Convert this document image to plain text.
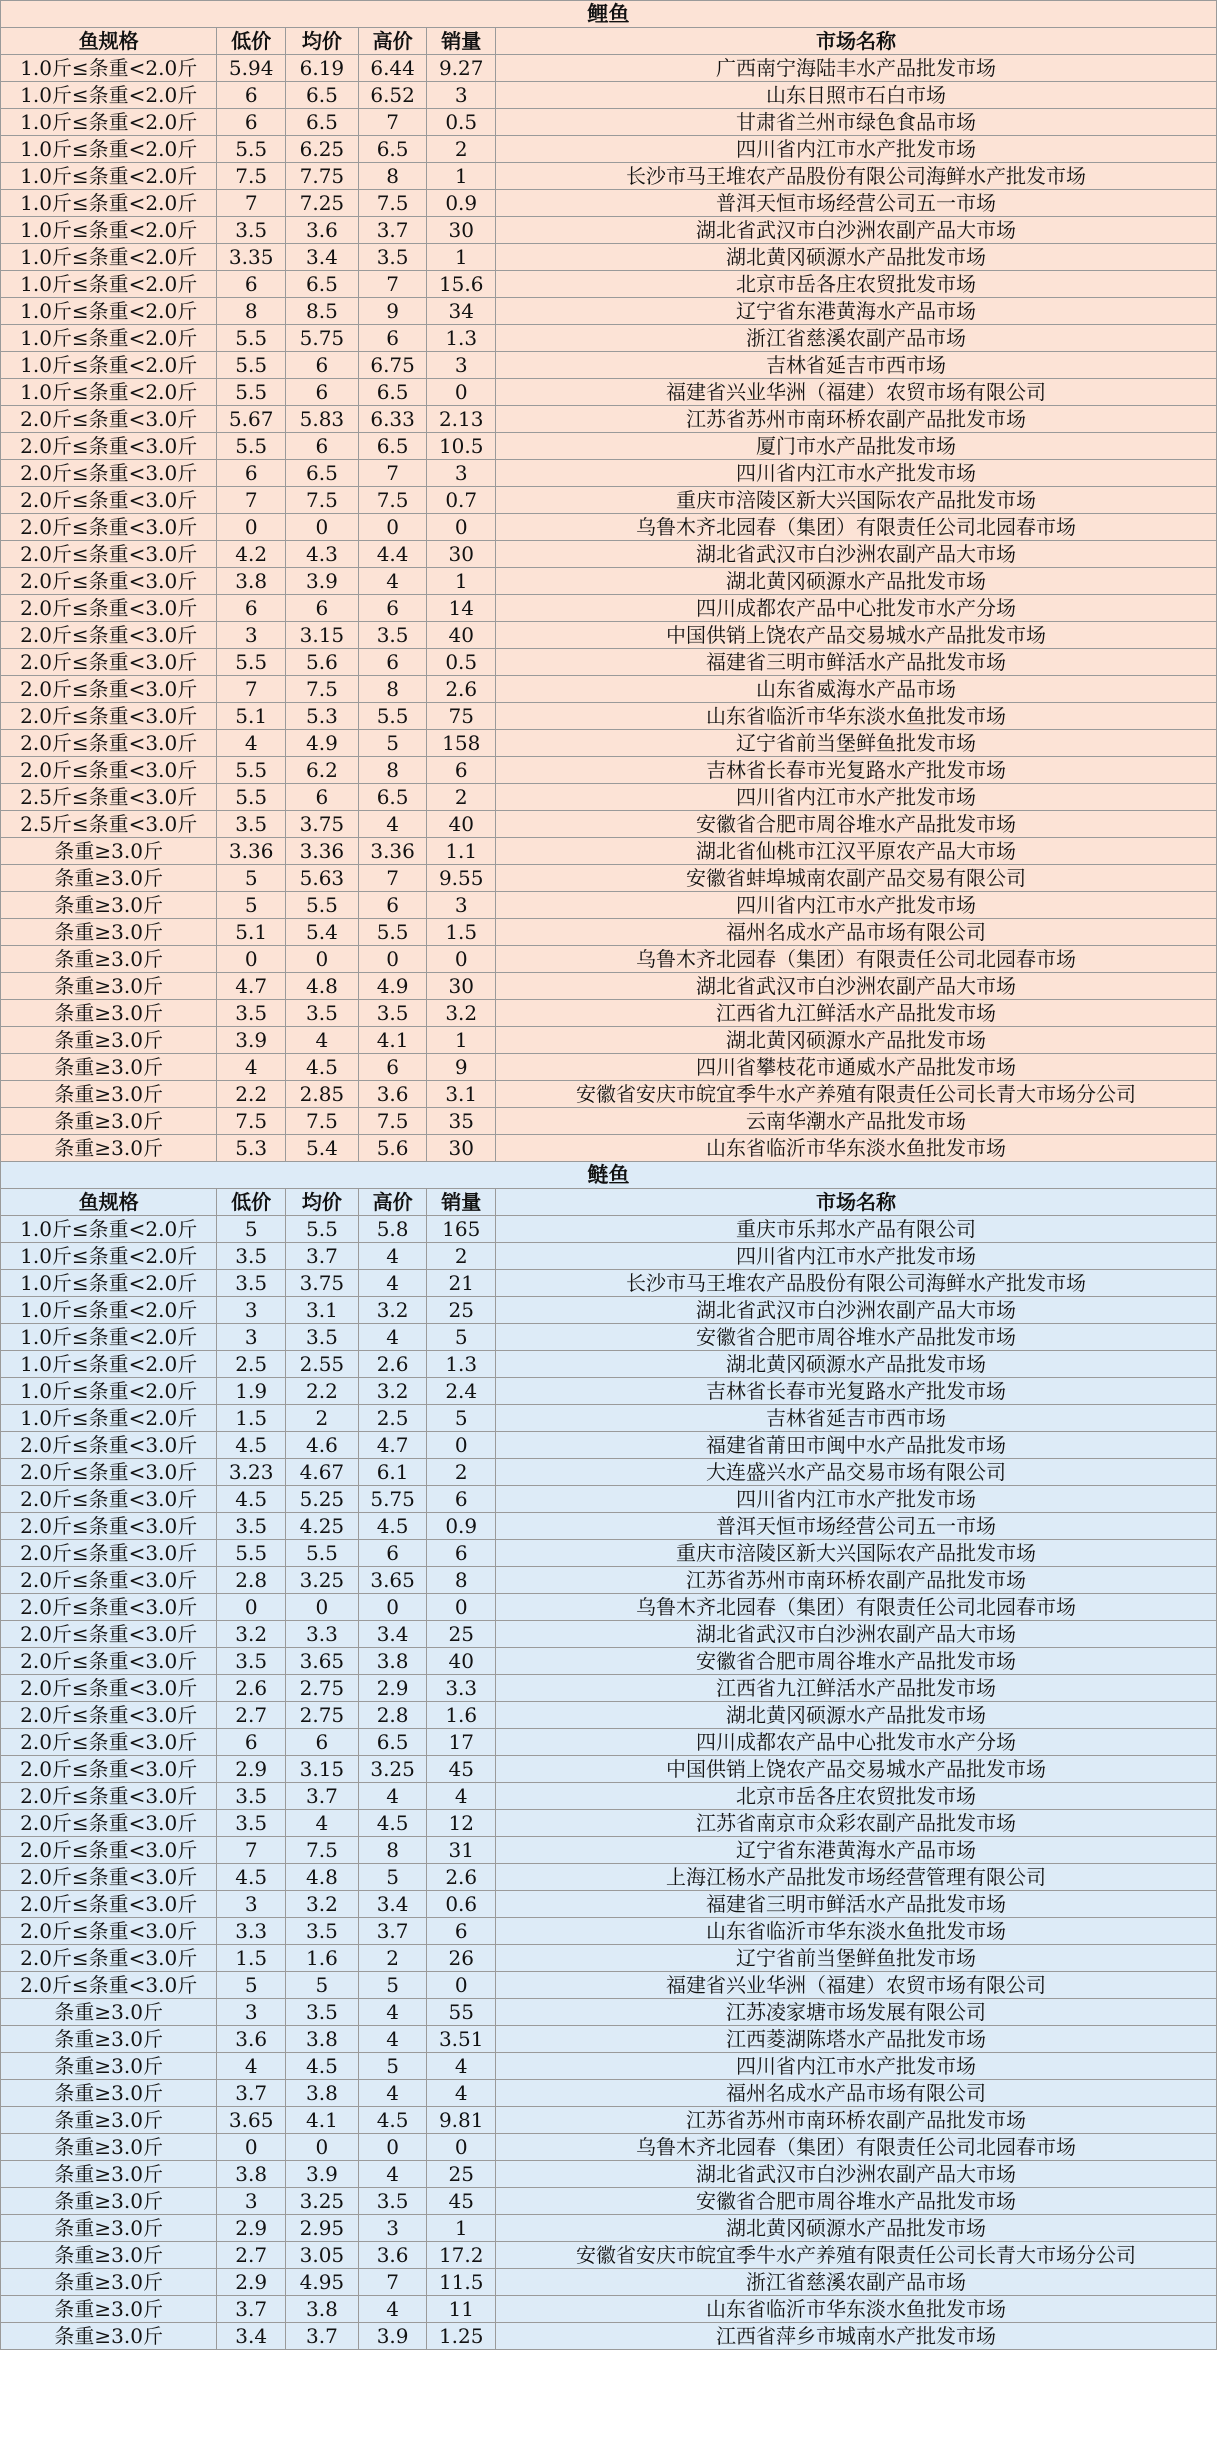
鲤鱼					
鱼规格	低价	均价	高价	销量	市场名称
1.0斤≤条重<2.0斤	5.94	6.19	6.44	9.27	广西南宁海陆丰水产品批发市场
1.0斤≤条重<2.0斤	6	6.5	6.52	3	山东日照市石白市场
1.0斤≤条重<2.0斤	6	6.5	7	0.5	甘肃省兰州市绿色食品市场
1.0斤≤条重<2.0斤	5.5	6.25	6.5	2	四川省内江市水产批发市场
1.0斤≤条重<2.0斤	7.5	7.75	8	1	长沙市马王堆农产品股份有限公司海鲜水产批发市场
1.0斤≤条重<2.0斤	7	7.25	7.5	0.9	普洱天恒市场经营公司五一市场
1.0斤≤条重<2.0斤	3.5	3.6	3.7	30	湖北省武汉市白沙洲农副产品大市场
1.0斤≤条重<2.0斤	3.35	3.4	3.5	1	湖北黄冈硕源水产品批发市场
1.0斤≤条重<2.0斤	6	6.5	7	15.6	北京市岳各庄农贸批发市场
1.0斤≤条重<2.0斤	8	8.5	9	34	辽宁省东港黄海水产品市场
1.0斤≤条重<2.0斤	5.5	5.75	6	1.3	浙江省慈溪农副产品市场
1.0斤≤条重<2.0斤	5.5	6	6.75	3	吉林省延吉市西市场
1.0斤≤条重<2.0斤	5.5	6	6.5	0	福建省兴业华洲（福建）农贸市场有限公司
2.0斤≤条重<3.0斤	5.67	5.83	6.33	2.13	江苏省苏州市南环桥农副产品批发市场
2.0斤≤条重<3.0斤	5.5	6	6.5	10.5	厦门市水产品批发市场
2.0斤≤条重<3.0斤	6	6.5	7	3	四川省内江市水产批发市场
2.0斤≤条重<3.0斤	7	7.5	7.5	0.7	重庆市涪陵区新大兴国际农产品批发市场
2.0斤≤条重<3.0斤	0	0	0	0	乌鲁木齐北园春（集团）有限责任公司北园春市场
2.0斤≤条重<3.0斤	4.2	4.3	4.4	30	湖北省武汉市白沙洲农副产品大市场
2.0斤≤条重<3.0斤	3.8	3.9	4	1	湖北黄冈硕源水产品批发市场
2.0斤≤条重<3.0斤	6	6	6	14	四川成都农产品中心批发市水产分场
2.0斤≤条重<3.0斤	3	3.15	3.5	40	中国供销上饶农产品交易城水产品批发市场
2.0斤≤条重<3.0斤	5.5	5.6	6	0.5	福建省三明市鲜活水产品批发市场
2.0斤≤条重<3.0斤	7	7.5	8	2.6	山东省威海水产品市场
2.0斤≤条重<3.0斤	5.1	5.3	5.5	75	山东省临沂市华东淡水鱼批发市场
2.0斤≤条重<3.0斤	4	4.9	5	158	辽宁省前当堡鲜鱼批发市场
2.0斤≤条重<3.0斤	5.5	6.2	8	6	吉林省长春市光复路水产批发市场
2.5斤≤条重<3.0斤	5.5	6	6.5	2	四川省内江市水产批发市场
2.5斤≤条重<3.0斤	3.5	3.75	4	40	安徽省合肥市周谷堆水产品批发市场
条重≥3.0斤	3.36	3.36	3.36	1.1	湖北省仙桃市江汉平原农产品大市场
条重≥3.0斤	5	5.63	7	9.55	安徽省蚌埠城南农副产品交易有限公司
条重≥3.0斤	5	5.5	6	3	四川省内江市水产批发市场
条重≥3.0斤	5.1	5.4	5.5	1.5	福州名成水产品市场有限公司
条重≥3.0斤	0	0	0	0	乌鲁木齐北园春（集团）有限责任公司北园春市场
条重≥3.0斤	4.7	4.8	4.9	30	湖北省武汉市白沙洲农副产品大市场
条重≥3.0斤	3.5	3.5	3.5	3.2	江西省九江鲜活水产品批发市场
条重≥3.0斤	3.9	4	4.1	1	湖北黄冈硕源水产品批发市场
条重≥3.0斤	4	4.5	6	9	四川省攀枝花市通威水产品批发市场
条重≥3.0斤	2.2	2.85	3.6	3.1	安徽省安庆市皖宜季牛水产养殖有限责任公司长青大市场分公司
条重≥3.0斤	7.5	7.5	7.5	35	云南华潮水产品批发市场
条重≥3.0斤	5.3	5.4	5.6	30	山东省临沂市华东淡水鱼批发市场
鲢鱼					
鱼规格	低价	均价	高价	销量	市场名称
1.0斤≤条重<2.0斤	5	5.5	5.8	165	重庆市乐邦水产品有限公司
1.0斤≤条重<2.0斤	3.5	3.7	4	2	四川省内江市水产批发市场
1.0斤≤条重<2.0斤	3.5	3.75	4	21	长沙市马王堆农产品股份有限公司海鲜水产批发市场
1.0斤≤条重<2.0斤	3	3.1	3.2	25	湖北省武汉市白沙洲农副产品大市场
1.0斤≤条重<2.0斤	3	3.5	4	5	安徽省合肥市周谷堆水产品批发市场
1.0斤≤条重<2.0斤	2.5	2.55	2.6	1.3	湖北黄冈硕源水产品批发市场
1.0斤≤条重<2.0斤	1.9	2.2	3.2	2.4	吉林省长春市光复路水产批发市场
1.0斤≤条重<2.0斤	1.5	2	2.5	5	吉林省延吉市西市场
2.0斤≤条重<3.0斤	4.5	4.6	4.7	0	福建省莆田市闽中水产品批发市场
2.0斤≤条重<3.0斤	3.23	4.67	6.1	2	大连盛兴水产品交易市场有限公司
2.0斤≤条重<3.0斤	4.5	5.25	5.75	6	四川省内江市水产批发市场
2.0斤≤条重<3.0斤	3.5	4.25	4.5	0.9	普洱天恒市场经营公司五一市场
2.0斤≤条重<3.0斤	5.5	5.5	6	6	重庆市涪陵区新大兴国际农产品批发市场
2.0斤≤条重<3.0斤	2.8	3.25	3.65	8	江苏省苏州市南环桥农副产品批发市场
2.0斤≤条重<3.0斤	0	0	0	0	乌鲁木齐北园春（集团）有限责任公司北园春市场
2.0斤≤条重<3.0斤	3.2	3.3	3.4	25	湖北省武汉市白沙洲农副产品大市场
2.0斤≤条重<3.0斤	3.5	3.65	3.8	40	安徽省合肥市周谷堆水产品批发市场
2.0斤≤条重<3.0斤	2.6	2.75	2.9	3.3	江西省九江鲜活水产品批发市场
2.0斤≤条重<3.0斤	2.7	2.75	2.8	1.6	湖北黄冈硕源水产品批发市场
2.0斤≤条重<3.0斤	6	6	6.5	17	四川成都农产品中心批发市水产分场
2.0斤≤条重<3.0斤	2.9	3.15	3.25	45	中国供销上饶农产品交易城水产品批发市场
2.0斤≤条重<3.0斤	3.5	3.7	4	4	北京市岳各庄农贸批发市场
2.0斤≤条重<3.0斤	3.5	4	4.5	12	江苏省南京市众彩农副产品批发市场
2.0斤≤条重<3.0斤	7	7.5	8	31	辽宁省东港黄海水产品市场
2.0斤≤条重<3.0斤	4.5	4.8	5	2.6	上海江杨水产品批发市场经营管理有限公司
2.0斤≤条重<3.0斤	3	3.2	3.4	0.6	福建省三明市鲜活水产品批发市场
2.0斤≤条重<3.0斤	3.3	3.5	3.7	6	山东省临沂市华东淡水鱼批发市场
2.0斤≤条重<3.0斤	1.5	1.6	2	26	辽宁省前当堡鲜鱼批发市场
2.0斤≤条重<3.0斤	5	5	5	0	福建省兴业华洲（福建）农贸市场有限公司
条重≥3.0斤	3	3.5	4	55	江苏凌家塘市场发展有限公司
条重≥3.0斤	3.6	3.8	4	3.51	江西菱湖陈塔水产品批发市场
条重≥3.0斤	4	4.5	5	4	四川省内江市水产批发市场
条重≥3.0斤	3.7	3.8	4	4	福州名成水产品市场有限公司
条重≥3.0斤	3.65	4.1	4.5	9.81	江苏省苏州市南环桥农副产品批发市场
条重≥3.0斤	0	0	0	0	乌鲁木齐北园春（集团）有限责任公司北园春市场
条重≥3.0斤	3.8	3.9	4	25	湖北省武汉市白沙洲农副产品大市场
条重≥3.0斤	3	3.25	3.5	45	安徽省合肥市周谷堆水产品批发市场
条重≥3.0斤	2.9	2.95	3	1	湖北黄冈硕源水产品批发市场
条重≥3.0斤	2.7	3.05	3.6	17.2	安徽省安庆市皖宜季牛水产养殖有限责任公司长青大市场分公司
条重≥3.0斤	2.9	4.95	7	11.5	浙江省慈溪农副产品市场
条重≥3.0斤	3.7	3.8	4	11	山东省临沂市华东淡水鱼批发市场
条重≥3.0斤	3.4	3.7	3.9	1.25	江西省萍乡市城南水产批发市场
